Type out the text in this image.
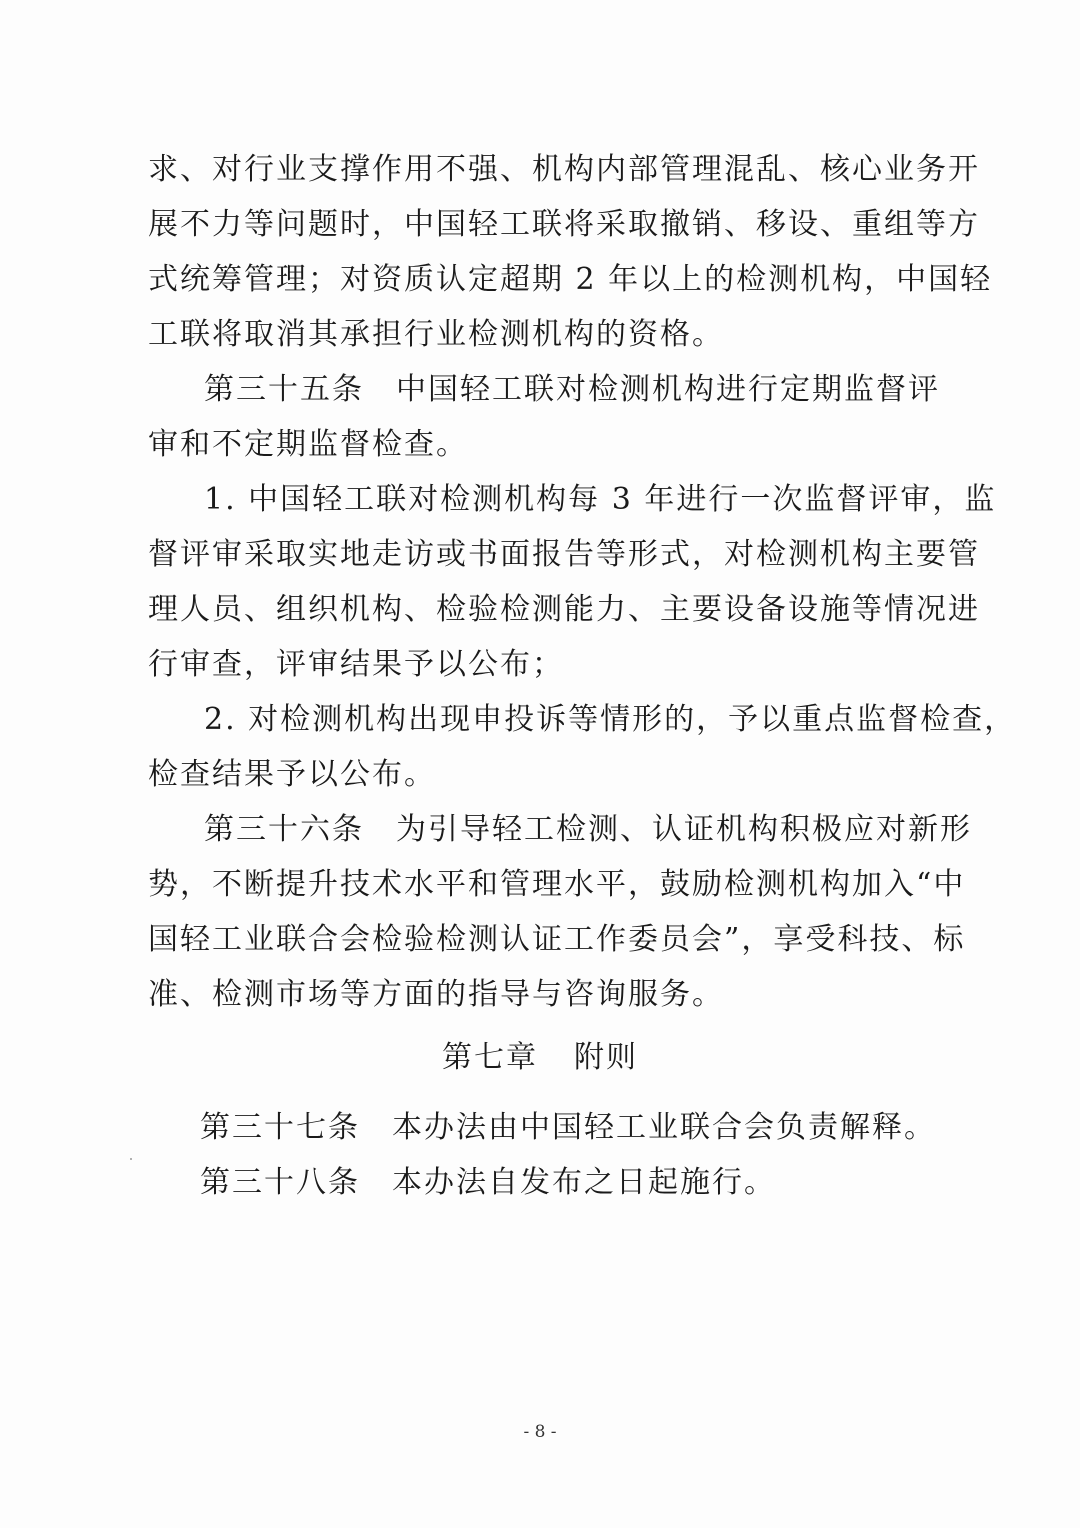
求、对行业支撑作用不强、机构内部管理混乱、核心业务开
展不力等问题时，中国轻工联将采取撤销、移设、重组等方
式统筹管理；对资质认定超期 2 年以上的检测机构，中国轻
工联将取消其承担行业检测机构的资格。
第三十五条　中国轻工联对检测机构进行定期监督评
审和不定期监督检查。
1. 中国轻工联对检测机构每 3 年进行一次监督评审，监
督评审采取实地走访或书面报告等形式，对检测机构主要管
理人员、组织机构、检验检测能力、主要设备设施等情况进
行审查，评审结果予以公布；
2. 对检测机构出现申投诉等情形的，予以重点监督检查，
检查结果予以公布。
第三十六条　为引导轻工检测、认证机构积极应对新形
势，不断提升技术水平和管理水平，鼓励检测机构加入“中
国轻工业联合会检验检测认证工作委员会”，享受科技、标
准、检测市场等方面的指导与咨询服务。
第七章 附则
第三十七条　本办法由中国轻工业联合会负责解释。
第三十八条　本办法自发布之日起施行。
- 8 -
